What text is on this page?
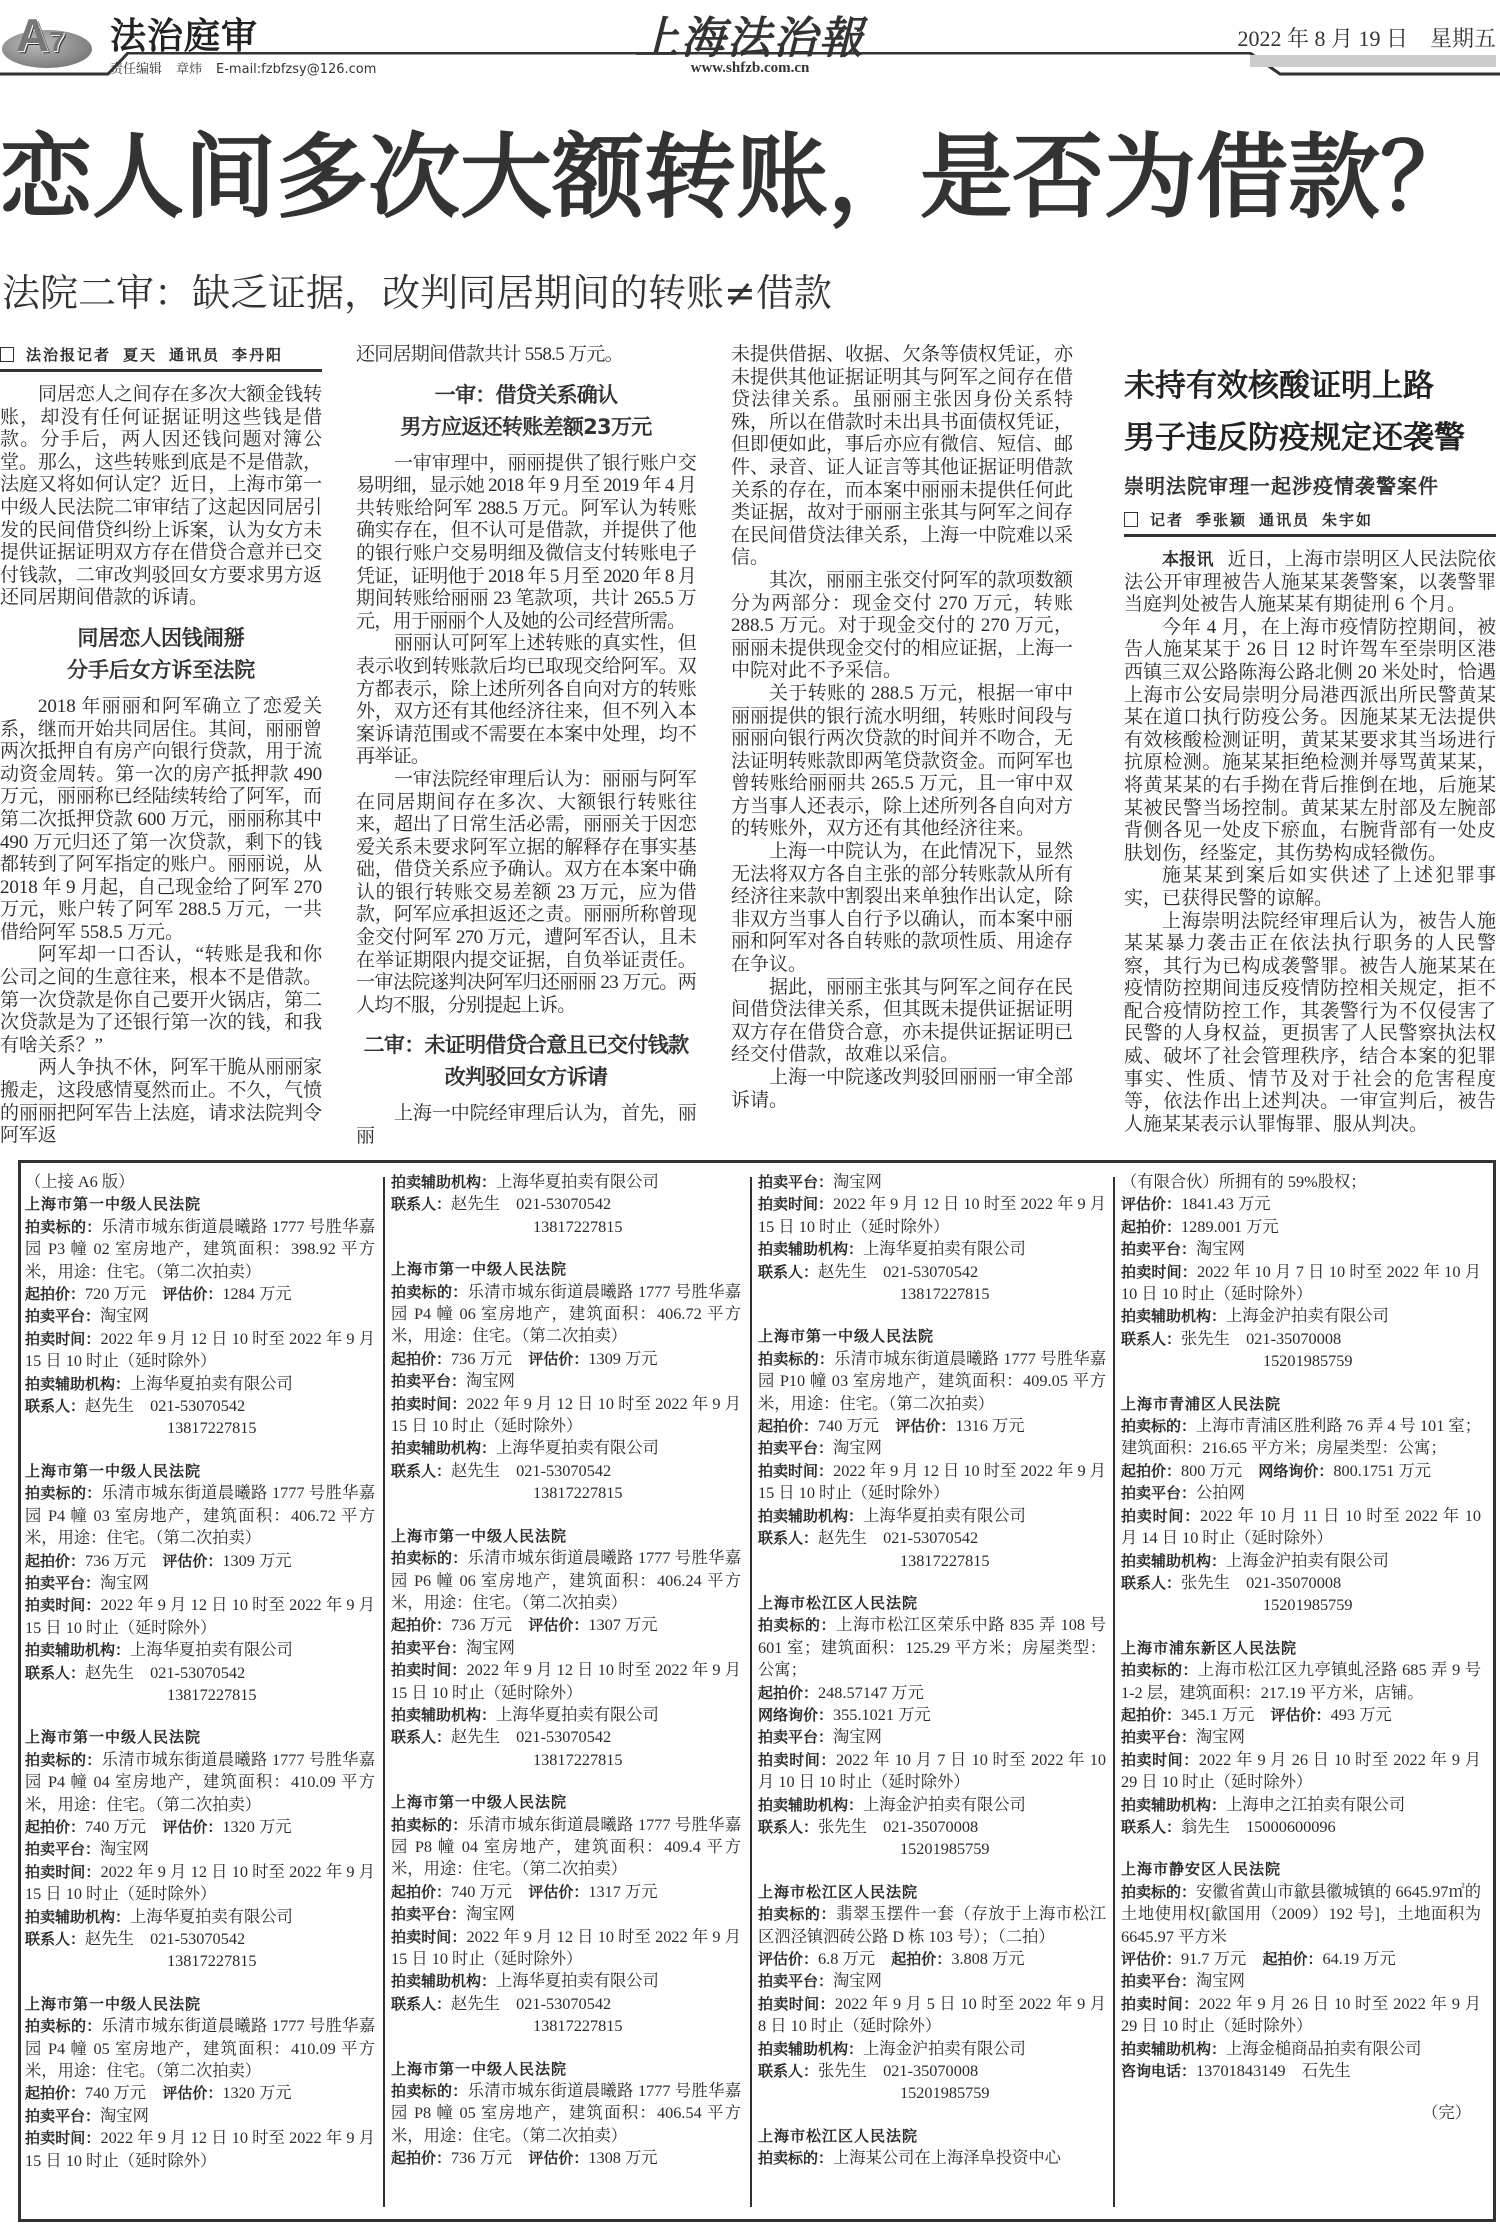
A7 法治庭审	上海法治報	2022 年 8 月 19 日　星期五
责任编辑 章炜 E-mail:fzbfzsy@126.com	www.shfzb.com.cn
恋人间多次大额转账，是否为借款？
法院二审：缺乏证据，改判同居期间的转账≠借款
法治报记者 夏天 通讯员 李丹阳

同居恋人之间存在多次大额金钱转账，却没有任何证据证明这些钱是借款。分手后，两人因还钱问题对簿公堂。那么，这些转账到底是不是借款，法庭又将如何认定？近日，上海市第一中级人民法院二审审结了这起因同居引发的民间借贷纠纷上诉案，认为女方未提供证据证明双方存在借贷合意并已交付钱款，二审改判驳回女方要求男方返还同居期间借款的诉请。

同居恋人因钱闹掰
分手后女方诉至法院

2018 年丽丽和阿军确立了恋爱关系，继而开始共同居住。其间，丽丽曾两次抵押自有房产向银行贷款，用于流动资金周转。第一次的房产抵押款 490 万元，丽丽称已经陆续转给了阿军，而第二次抵押贷款 600 万元，丽丽称其中 490 万元归还了第一次贷款，剩下的钱都转到了阿军指定的账户。丽丽说，从 2018 年 9 月起，自己现金给了阿军 270 万元，账户转了阿军 288.5 万元，一共借给阿军 558.5 万元。

阿军却一口否认，“转账是我和你公司之间的生意往来，根本不是借款。第一次贷款是你自己要开火锅店，第二次贷款是为了还银行第一次的钱，和我有啥关系？”

两人争执不休，阿军干脆从丽丽家搬走，这段感情戛然而止。不久，气愤的丽丽把阿军告上法庭，请求法院判令阿军返

还同居期间借款共计 558.5 万元。

一审：借贷关系确认
男方应返还转账差额23万元

一审审理中，丽丽提供了银行账户交易明细，显示她 2018 年 9 月至 2019 年 4 月共转账给阿军 288.5 万元。阿军认为转账确实存在，但不认可是借款，并提供了他的银行账户交易明细及微信支付转账电子凭证，证明他于 2018 年 5 月至 2020 年 8 月期间转账给丽丽 23 笔款项，共计 265.5 万元，用于丽丽个人及她的公司经营所需。

丽丽认可阿军上述转账的真实性，但表示收到转账款后均已取现交给阿军。双方都表示，除上述所列各自向对方的转账外，双方还有其他经济往来，但不列入本案诉请范围或不需要在本案中处理，均不再举证。

一审法院经审理后认为：丽丽与阿军在同居期间存在多次、大额银行转账往来，超出了日常生活必需，丽丽关于因恋爱关系未要求阿军立据的解释存在事实基础，借贷关系应予确认。双方在本案中确认的银行转账交易差额 23 万元，应为借款，阿军应承担返还之责。丽丽所称曾现金交付阿军 270 万元，遭阿军否认，且未在举证期限内提交证据，自负举证责任。一审法院遂判决阿军归还丽丽 23 万元。两人均不服，分别提起上诉。

二审：未证明借贷合意且已交付钱款
改判驳回女方诉请

上海一中院经审理后认为，首先，丽丽

未提供借据、收据、欠条等债权凭证，亦未提供其他证据证明其与阿军之间存在借贷法律关系。虽丽丽主张因身份关系特殊，所以在借款时未出具书面债权凭证，但即便如此，事后亦应有微信、短信、邮件、录音、证人证言等其他证据证明借款关系的存在，而本案中丽丽未提供任何此类证据，故对于丽丽主张其与阿军之间存在民间借贷法律关系，上海一中院难以采信。

其次，丽丽主张交付阿军的款项数额分为两部分：现金交付 270 万元，转账 288.5 万元。对于现金交付的 270 万元，丽丽未提供现金交付的相应证据，上海一中院对此不予采信。

关于转账的 288.5 万元，根据一审中丽丽提供的银行流水明细，转账时间段与丽丽向银行两次贷款的时间并不吻合，无法证明转账款即两笔贷款资金。而阿军也曾转账给丽丽共 265.5 万元，且一审中双方当事人还表示，除上述所列各自向对方的转账外，双方还有其他经济往来。

上海一中院认为，在此情况下，显然无法将双方各自主张的部分转账款从所有经济往来款中割裂出来单独作出认定，除非双方当事人自行予以确认，而本案中丽丽和阿军对各自转账的款项性质、用途存在争议。

据此，丽丽主张其与阿军之间存在民间借贷法律关系，但其既未提供证据证明双方存在借贷合意，亦未提供证据证明已经交付借款，故难以采信。

上海一中院遂改判驳回丽丽一审全部诉请。

未持有效核酸证明上路
男子违反防疫规定还袭警
崇明法院审理一起涉疫情袭警案件
记者 季张颖 通讯员 朱宇如

本报讯 近日，上海市崇明区人民法院依法公开审理被告人施某某袭警案，以袭警罪当庭判处被告人施某某有期徒刑 6 个月。

今年 4 月，在上海市疫情防控期间，被告人施某某于 26 日 12 时许驾车至崇明区港西镇三双公路陈海公路北侧 20 米处时，恰遇上海市公安局崇明分局港西派出所民警黄某某在道口执行防疫公务。因施某某无法提供有效核酸检测证明，黄某某要求其当场进行抗原检测。施某某拒绝检测并辱骂黄某某，将黄某某的右手拗在背后推倒在地，后施某某被民警当场控制。黄某某左肘部及左腕部背侧各见一处皮下瘀血，右腕背部有一处皮肤划伤，经鉴定，其伤势构成轻微伤。

施某某到案后如实供述了上述犯罪事实，已获得民警的谅解。

上海崇明法院经审理后认为，被告人施某某暴力袭击正在依法执行职务的人民警察，其行为已构成袭警罪。被告人施某某在疫情防控期间违反疫情防控相关规定，拒不配合疫情防控工作，其袭警行为不仅侵害了民警的人身权益，更损害了人民警察执法权威、破坏了社会管理秩序，结合本案的犯罪事实、性质、情节及对于社会的危害程度等，依法作出上述判决。一审宣判后，被告人施某某表示认罪悔罪、服从判决。

（上接 A6 版）
上海市第一中级人民法院
拍卖标的：乐清市城东街道晨曦路 1777 号胜华嘉园 P3 幢 02 室房地产，建筑面积：398.92 平方米，用途：住宅。（第二次拍卖）
起拍价：720 万元　评估价：1284 万元
拍卖平台：淘宝网
拍卖时间：2022 年 9 月 12 日 10 时至 2022 年 9 月 15 日 10 时止（延时除外）
拍卖辅助机构：上海华夏拍卖有限公司
联系人：赵先生　021-53070542
13817227815
上海市第一中级人民法院
拍卖标的：乐清市城东街道晨曦路 1777 号胜华嘉园 P4 幢 03 室房地产，建筑面积：406.72 平方米，用途：住宅。（第二次拍卖）
起拍价：736 万元　评估价：1309 万元
拍卖平台：淘宝网
拍卖时间：2022 年 9 月 12 日 10 时至 2022 年 9 月 15 日 10 时止（延时除外）
拍卖辅助机构：上海华夏拍卖有限公司
联系人：赵先生　021-53070542
13817227815
上海市第一中级人民法院
拍卖标的：乐清市城东街道晨曦路 1777 号胜华嘉园 P4 幢 04 室房地产，建筑面积：410.09 平方米，用途：住宅。（第二次拍卖）
起拍价：740 万元　评估价：1320 万元
拍卖平台：淘宝网
拍卖时间：2022 年 9 月 12 日 10 时至 2022 年 9 月 15 日 10 时止（延时除外）
拍卖辅助机构：上海华夏拍卖有限公司
联系人：赵先生　021-53070542
13817227815
上海市第一中级人民法院
拍卖标的：乐清市城东街道晨曦路 1777 号胜华嘉园 P4 幢 05 室房地产，建筑面积：410.09 平方米，用途：住宅。（第二次拍卖）
起拍价：740 万元　评估价：1320 万元
拍卖平台：淘宝网
拍卖时间：2022 年 9 月 12 日 10 时至 2022 年 9 月 15 日 10 时止（延时除外）
拍卖辅助机构：上海华夏拍卖有限公司
联系人：赵先生　021-53070542
13817227815
上海市第一中级人民法院
拍卖标的：乐清市城东街道晨曦路 1777 号胜华嘉园 P4 幢 06 室房地产，建筑面积：406.72 平方米，用途：住宅。（第二次拍卖）
起拍价：736 万元　评估价：1309 万元
拍卖平台：淘宝网
拍卖时间：2022 年 9 月 12 日 10 时至 2022 年 9 月 15 日 10 时止（延时除外）
拍卖辅助机构：上海华夏拍卖有限公司
联系人：赵先生　021-53070542
13817227815
上海市第一中级人民法院
拍卖标的：乐清市城东街道晨曦路 1777 号胜华嘉园 P6 幢 06 室房地产，建筑面积：406.24 平方米，用途：住宅。（第二次拍卖）
起拍价：736 万元　评估价：1307 万元
拍卖平台：淘宝网
拍卖时间：2022 年 9 月 12 日 10 时至 2022 年 9 月 15 日 10 时止（延时除外）
拍卖辅助机构：上海华夏拍卖有限公司
联系人：赵先生　021-53070542
13817227815
上海市第一中级人民法院
拍卖标的：乐清市城东街道晨曦路 1777 号胜华嘉园 P8 幢 04 室房地产，建筑面积：409.4 平方米，用途：住宅。（第二次拍卖）
起拍价：740 万元　评估价：1317 万元
拍卖平台：淘宝网
拍卖时间：2022 年 9 月 12 日 10 时至 2022 年 9 月 15 日 10 时止（延时除外）
拍卖辅助机构：上海华夏拍卖有限公司
联系人：赵先生　021-53070542
13817227815
上海市第一中级人民法院
拍卖标的：乐清市城东街道晨曦路 1777 号胜华嘉园 P8 幢 05 室房地产，建筑面积：406.54 平方米，用途：住宅。（第二次拍卖）
起拍价：736 万元　评估价：1308 万元
拍卖平台：淘宝网
拍卖时间：2022 年 9 月 12 日 10 时至 2022 年 9 月 15 日 10 时止（延时除外）
拍卖辅助机构：上海华夏拍卖有限公司
联系人：赵先生　021-53070542
13817227815
上海市第一中级人民法院
拍卖标的：乐清市城东街道晨曦路 1777 号胜华嘉园 P10 幢 03 室房地产，建筑面积：409.05 平方米，用途：住宅。（第二次拍卖）
起拍价：740 万元　评估价：1316 万元
拍卖平台：淘宝网
拍卖时间：2022 年 9 月 12 日 10 时至 2022 年 9 月 15 日 10 时止（延时除外）
拍卖辅助机构：上海华夏拍卖有限公司
联系人：赵先生　021-53070542
13817227815
上海市松江区人民法院
拍卖标的：上海市松江区荣乐中路 835 弄 108 号 601 室；建筑面积：125.29 平方米；房屋类型：公寓；
起拍价：248.57147 万元
网络询价：355.1021 万元
拍卖平台：淘宝网
拍卖时间：2022 年 10 月 7 日 10 时至 2022 年 10 月 10 日 10 时止（延时除外）
拍卖辅助机构：上海金沪拍卖有限公司
联系人：张先生　021-35070008
15201985759
上海市松江区人民法院
拍卖标的：翡翠玉摆件一套（存放于上海市松江区泗泾镇泗砖公路 D 栋 103 号）；（二拍）
评估价：6.8 万元　起拍价：3.808 万元
拍卖平台：淘宝网
拍卖时间：2022 年 9 月 5 日 10 时至 2022 年 9 月 8 日 10 时止（延时除外）
拍卖辅助机构：上海金沪拍卖有限公司
联系人：张先生　021-35070008
15201985759
上海市松江区人民法院
拍卖标的：上海某公司在上海泽阜投资中心
（有限合伙）所拥有的 59%股权；
评估价：1841.43 万元
起拍价：1289.001 万元
拍卖平台：淘宝网
拍卖时间：2022 年 10 月 7 日 10 时至 2022 年 10 月 10 日 10 时止（延时除外）
拍卖辅助机构：上海金沪拍卖有限公司
联系人：张先生　021-35070008
15201985759
上海市青浦区人民法院
拍卖标的：上海市青浦区胜利路 76 弄 4 号 101 室；建筑面积：216.65 平方米；房屋类型：公寓；
起拍价：800 万元　网络询价：800.1751 万元
拍卖平台：公拍网
拍卖时间：2022 年 10 月 11 日 10 时至 2022 年 10 月 14 日 10 时止（延时除外）
拍卖辅助机构：上海金沪拍卖有限公司
联系人：张先生　021-35070008
15201985759
上海市浦东新区人民法院
拍卖标的：上海市松江区九亭镇虬泾路 685 弄 9 号 1-2 层，建筑面积：217.19 平方米，店铺。
起拍价：345.1 万元　评估价：493 万元
拍卖平台：淘宝网
拍卖时间：2022 年 9 月 26 日 10 时至 2022 年 9 月 29 日 10 时止（延时除外）
拍卖辅助机构：上海申之江拍卖有限公司
联系人：翁先生　15000600096
上海市静安区人民法院
拍卖标的：安徽省黄山市歙县徽城镇的 6645.97㎡的土地使用权[歙国用（2009）192 号]，土地面积为 6645.97 平方米
评估价：91.7 万元　起拍价：64.19 万元
拍卖平台：淘宝网
拍卖时间：2022 年 9 月 26 日 10 时至 2022 年 9 月 29 日 10 时止（延时除外）
拍卖辅助机构：上海金槌商品拍卖有限公司
咨询电话：13701843149　石先生
（完）
